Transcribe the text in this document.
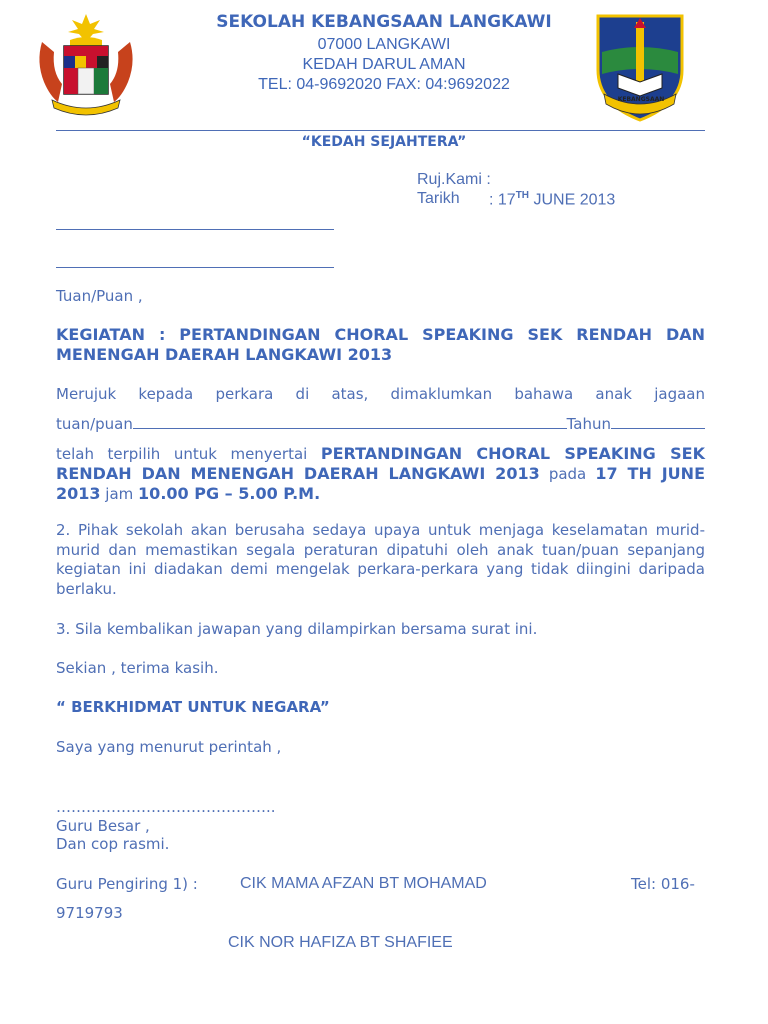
KEBANGSAAN
SEKOLAH KEBANGSAAN LANGKAWI
07000 LANGKAWI
KEDAH DARUL AMAN
TEL: 04-9692020 FAX: 04:9692022
“KEDAH SEJAHTERA”
Ruj.Kami :
Tarikh : 17TH JUNE 2013
Tuan/Puan ,
KEGIATAN : PERTANDINGAN CHORAL SPEAKING SEK RENDAH DAN
MENENGAH DAERAH LANGKAWI 2013
Merujuk kepada perkara di atas, dimaklumkan bahawa anak jagaan
tuan/puan	Tahun
telah terpilih untuk menyertai PERTANDINGAN CHORAL SPEAKING SEK RENDAH DAN MENENGAH DAERAH LANGKAWI 2013 pada 17 TH JUNE 2013 jam 10.00 PG – 5.00 P.M.
2. Pihak sekolah akan berusaha sedaya upaya untuk menjaga keselamatan murid-murid dan memastikan segala peraturan dipatuhi oleh anak tuan/puan sepanjang kegiatan ini diadakan demi mengelak perkara-perkara yang tidak diingini daripada berlaku.
3. Sila kembalikan jawapan yang dilampirkan bersama surat ini.
Sekian , terima kasih.
“ BERKHIDMAT UNTUK NEGARA”
Saya yang menurut perintah ,
……………………………………..
Guru Besar ,
Dan cop rasmi.
Guru Pengiring 1) :	CIK MAMA AFZAN BT MOHAMAD	Tel: 016-
9719793
CIK NOR HAFIZA BT SHAFIEE
